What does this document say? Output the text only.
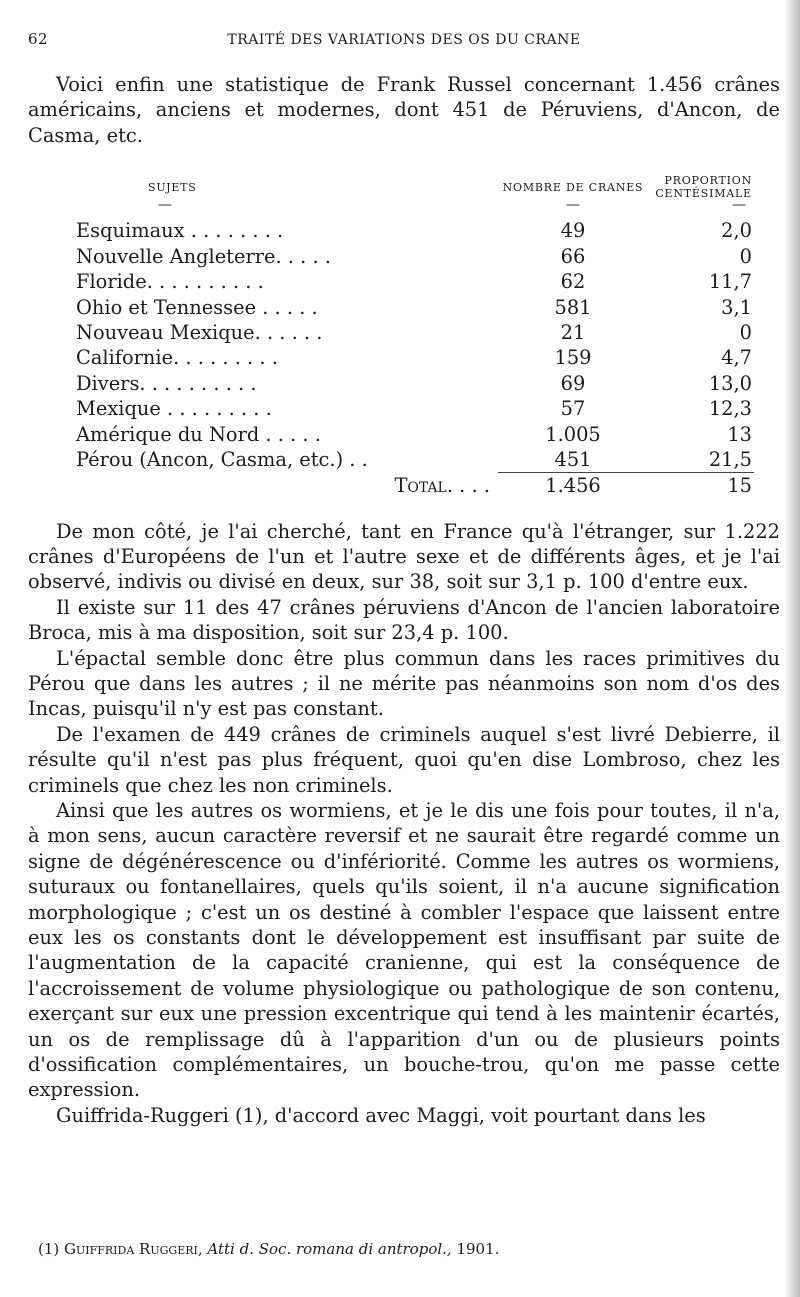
62	TRAITÉ DES VARIATIONS DES OS DU CRANE

Voici enfin une statistique de Frank Russel concernant 1.456 crânes américains, anciens et modernes, dont 451 de Péruviens, d'Ancon, de Casma, etc.

SUJETS	NOMBRE DE CRANES	PROPORTION CENTÉSIMALE
—	—	—
Esquimaux . . . . . . . .	49	2,0
Nouvelle Angleterre. . . . .	66	0
Floride. . . . . . . . . .	62	11,7
Ohio et Tennessee . . . . .	581	3,1
Nouveau Mexique. . . . . .	21	0
Californie. . . . . . . . .	159	4,7
Divers. . . . . . . . . .	69	13,0
Mexique . . . . . . . . .	57	12,3
Amérique du Nord . . . . .	1.005	13
Pérou (Ancon, Casma, etc.) . .	451	21,5
Total. . . .	1.456	15

De mon côté, je l'ai cherché, tant en France qu'à l'étranger, sur 1.222 crânes d'Européens de l'un et l'autre sexe et de différents âges, et je l'ai observé, indivis ou divisé en deux, sur 38, soit sur 3,1 p. 100 d'entre eux.

Il existe sur 11 des 47 crânes péruviens d'Ancon de l'ancien laboratoire Broca, mis à ma disposition, soit sur 23,4 p. 100.

L'épactal semble donc être plus commun dans les races primitives du Pérou que dans les autres ; il ne mérite pas néanmoins son nom d'os des Incas, puisqu'il n'y est pas constant.

De l'examen de 449 crânes de criminels auquel s'est livré Debierre, il résulte qu'il n'est pas plus fréquent, quoi qu'en dise Lombroso, chez les criminels que chez les non criminels.

Ainsi que les autres os wormiens, et je le dis une fois pour toutes, il n'a, à mon sens, aucun caractère reversif et ne saurait être regardé comme un signe de dégénérescence ou d'infériorité. Comme les autres os wormiens, suturaux ou fontanellaires, quels qu'ils soient, il n'a aucune signification morphologique ; c'est un os destiné à combler l'espace que laissent entre eux les os constants dont le développement est insuffisant par suite de l'augmentation de la capacité cranienne, qui est la conséquence de l'accroissement de volume physiologique ou pathologique de son contenu, exerçant sur eux une pression excentrique qui tend à les maintenir écartés, un os de remplissage dû à l'apparition d'un ou de plusieurs points d'ossification complémentaires, un bouche-trou, qu'on me passe cette expression.

Guiffrida-Ruggeri (1), d'accord avec Maggi, voit pourtant dans les

(1) Guiffrida Ruggeri, Atti d. Soc. romana di antropol., 1901.
